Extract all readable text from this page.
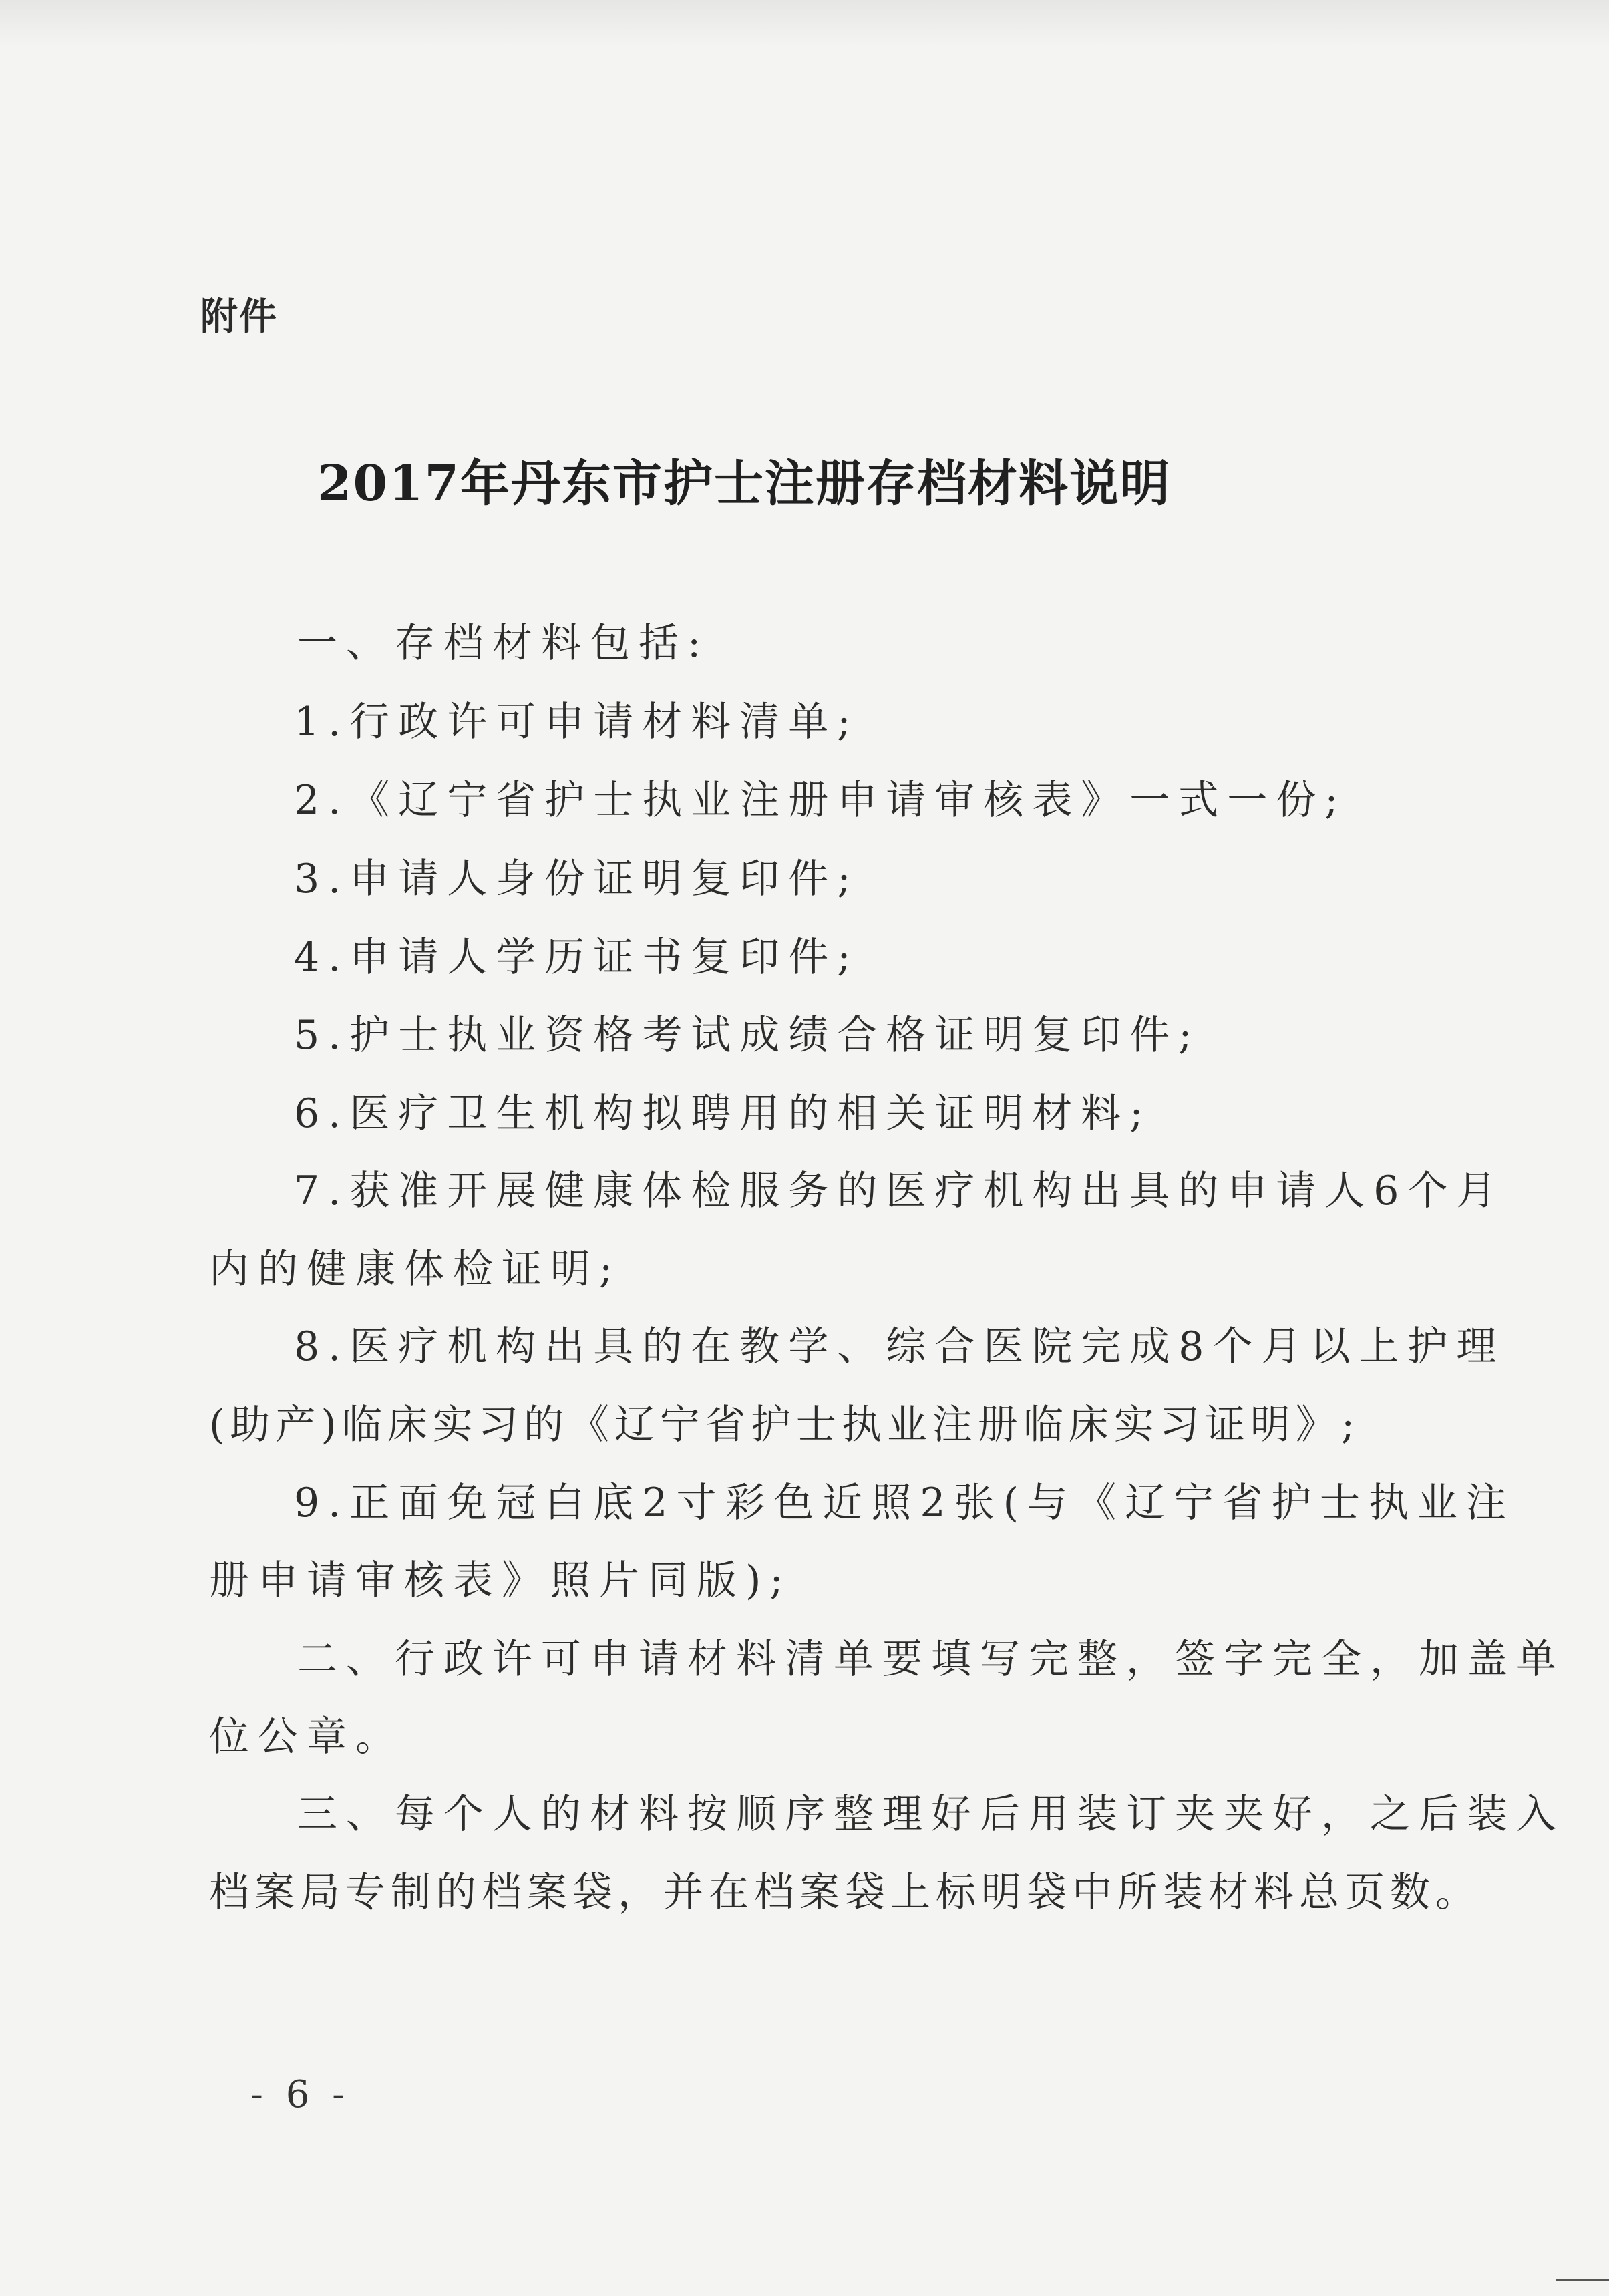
附件
2017年丹东市护士注册存档材料说明
一、存档材料包括:
1.行政许可申请材料清单;
2.《辽宁省护士执业注册申请审核表》一式一份;
3.申请人身份证明复印件;
4.申请人学历证书复印件;
5.护士执业资格考试成绩合格证明复印件;
6.医疗卫生机构拟聘用的相关证明材料;
7.获准开展健康体检服务的医疗机构出具的申请人6个月
内的健康体检证明;
8.医疗机构出具的在教学、综合医院完成8个月以上护理
(助产)临床实习的《辽宁省护士执业注册临床实习证明》;
9.正面免冠白底2寸彩色近照2张(与《辽宁省护士执业注
册申请审核表》照片同版);
二、行政许可申请材料清单要填写完整，签字完全，加盖单
位公章。
三、每个人的材料按顺序整理好后用装订夹夹好，之后装入
档案局专制的档案袋，并在档案袋上标明袋中所装材料总页数。
- 6 -
